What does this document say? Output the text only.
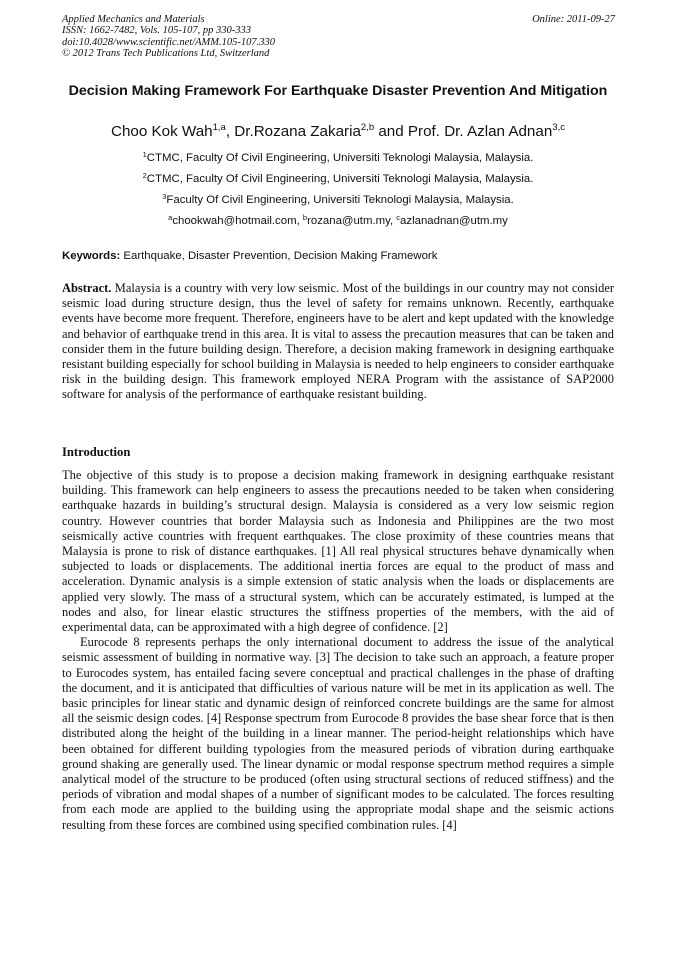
Applied Mechanics and Materials
ISSN: 1662-7482, Vols. 105-107, pp 330-333
doi:10.4028/www.scientific.net/AMM.105-107.330
© 2012 Trans Tech Publications Ltd, Switzerland
Online: 2011-09-27
Decision Making Framework For Earthquake Disaster Prevention And Mitigation
Choo Kok Wah$^{1,a}$, Dr.Rozana Zakaria$^{2,b}$ and Prof. Dr. Azlan Adnan$^{3,c}$
$^1$CTMC, Faculty Of Civil Engineering, Universiti Teknologi Malaysia, Malaysia.
$^2$CTMC, Faculty Of Civil Engineering, Universiti Teknologi Malaysia, Malaysia.
$^3$Faculty Of Civil Engineering, Universiti Teknologi Malaysia, Malaysia.
$^a$chookwah@hotmail.com, $^b$rozana@utm.my, $^c$azlanadnan@utm.my
Keywords: Earthquake, Disaster Prevention, Decision Making Framework
Abstract. Malaysia is a country with very low seismic. Most of the buildings in our country may not consider seismic load during structure design, thus the level of safety for remains unknown. Recently, earthquake events have become more frequent. Therefore, engineers have to be alert and kept updated with the knowledge and behavior of earthquake trend in this area. It is vital to assess the precaution measures that can be taken and consider them in the future building design. Therefore, a decision making framework in designing earthquake resistant building especially for school building in Malaysia is needed to help engineers to consider earthquake risk in the building design. This framework employed NERA Program with the assistance of SAP2000 software for analysis of the performance of earthquake resistant building.
Introduction

The objective of this study is to propose a decision making framework in designing earthquake resistant building. This framework can help engineers to assess the precautions needed to be taken when considering earthquake hazards in building’s structural design. Malaysia is considered as a very low seismic region country. However countries that border Malaysia such as Indonesia and Philippines are the two most seismically active countries with frequent earthquakes. The close proximity of these countries means that Malaysia is prone to risk of distance earthquakes. [1] All real physical structures behave dynamically when subjected to loads or displacements. The additional inertia forces are equal to the product of mass and acceleration. Dynamic analysis is a simple extension of static analysis when the loads or displacements are applied very slowly. The mass of a structural system, which can be accurately estimated, is lumped at the nodes and also, for linear elastic structures the stiffness properties of the members, with the aid of experimental data, can be approximated with a high degree of confidence. [2]

Eurocode 8 represents perhaps the only international document to address the issue of the analytical seismic assessment of building in normative way. [3] The decision to take such an approach, a feature proper to Eurocodes system, has entailed facing severe conceptual and practical challenges in the phase of drafting the document, and it is anticipated that difficulties of various nature will be met in its application as well. The basic principles for linear static and dynamic design of reinforced concrete buildings are the same for almost all the seismic design codes. [4] Response spectrum from Eurocode 8 provides the base shear force that is then distributed along the height of the building in a linear manner. The period-height relationships which have been obtained for different building typologies from the measured periods of vibration during earthquake ground shaking are generally used. The linear dynamic or modal response spectrum method requires a simple analytical model of the structure to be produced (often using structural sections of reduced stiffness) and the periods of vibration and modal shapes of a number of significant modes to be calculated. The forces resulting from each mode are applied to the building using the appropriate modal shape and the seismic actions resulting from these forces are combined using specified combination rules. [4]
